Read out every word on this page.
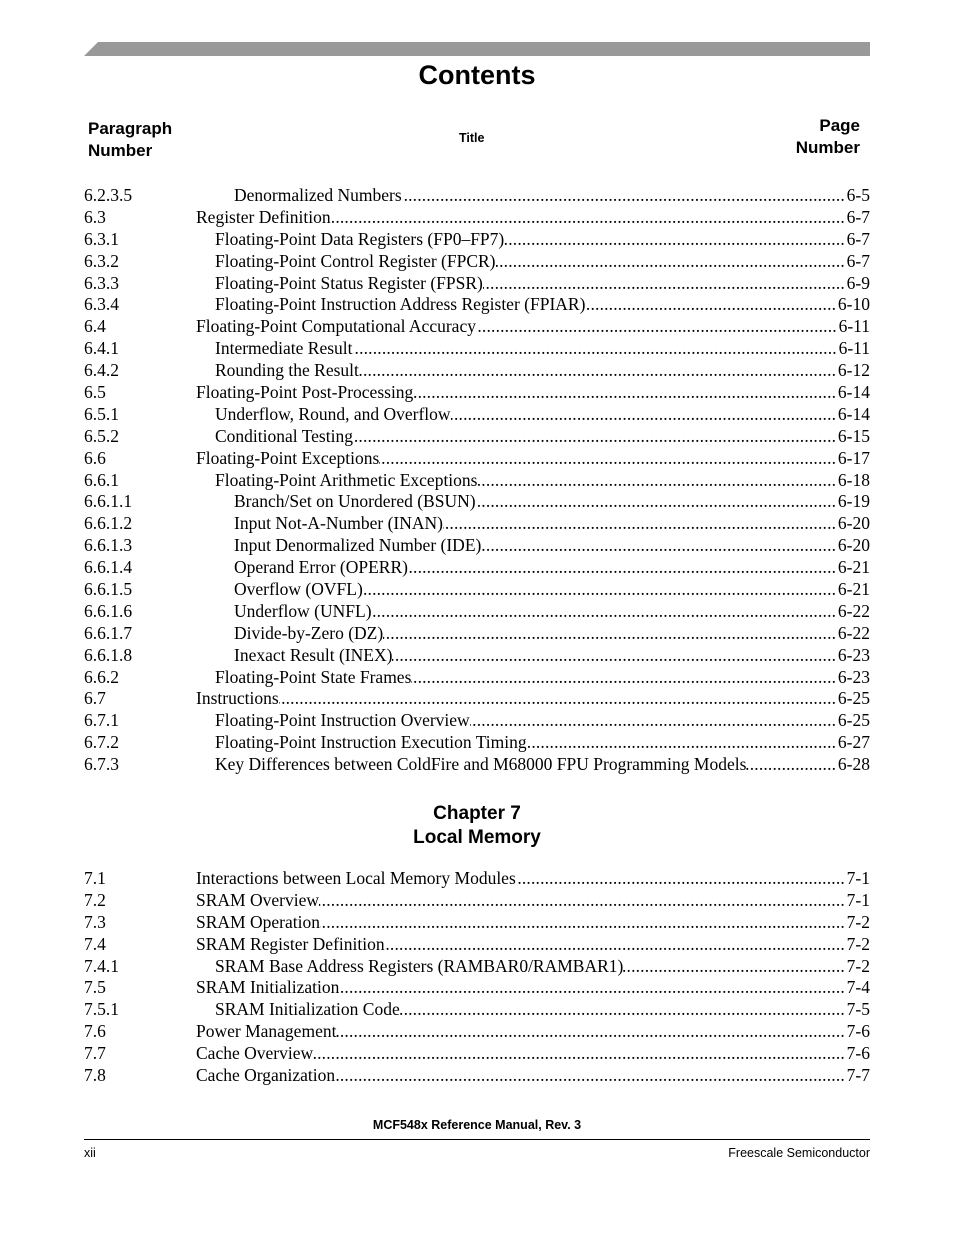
Contents
Paragraph
Number
Title
Page
Number
6.2.3.5	Denormalized Numbers . . .	6-5
6.3	Register Definition . . .	6-7
6.3.1	Floating-Point Data Registers (FP0–FP7) . . .	6-7
6.3.2	Floating-Point Control Register (FPCR) . . .	6-7
6.3.3	Floating-Point Status Register (FPSR) . . .	6-9
6.3.4	Floating-Point Instruction Address Register (FPIAR) . . .	6-10
6.4	Floating-Point Computational Accuracy . . .	6-11
6.4.1	Intermediate Result . . .	6-11
6.4.2	Rounding the Result . . .	6-12
6.5	Floating-Point Post-Processing . . .	6-14
6.5.1	Underflow, Round, and Overflow . . .	6-14
6.5.2	Conditional Testing . . .	6-15
6.6	Floating-Point Exceptions . . .	6-17
6.6.1	Floating-Point Arithmetic Exceptions . . .	6-18
6.6.1.1	Branch/Set on Unordered (BSUN) . . .	6-19
6.6.1.2	Input Not-A-Number (INAN) . . .	6-20
6.6.1.3	Input Denormalized Number (IDE) . . .	6-20
6.6.1.4	Operand Error (OPERR) . . .	6-21
6.6.1.5	Overflow (OVFL) . . .	6-21
6.6.1.6	Underflow (UNFL) . . .	6-22
6.6.1.7	Divide-by-Zero (DZ) . . .	6-22
6.6.1.8	Inexact Result (INEX) . . .	6-23
6.6.2	Floating-Point State Frames . . .	6-23
6.7	Instructions . . .	6-25
6.7.1	Floating-Point Instruction Overview . . .	6-25
6.7.2	Floating-Point Instruction Execution Timing . . .	6-27
6.7.3	Key Differences between ColdFire and M68000 FPU Programming Models . . .	6-28
Chapter 7
Local Memory
7.1	Interactions between Local Memory Modules . . .	7-1
7.2	SRAM Overview . . .	7-1
7.3	SRAM Operation . . .	7-2
7.4	SRAM Register Definition . . .	7-2
7.4.1	SRAM Base Address Registers (RAMBAR0/RAMBAR1) . . .	7-2
7.5	SRAM Initialization . . .	7-4
7.5.1	SRAM Initialization Code . . .	7-5
7.6	Power Management . . .	7-6
7.7	Cache Overview . . .	7-6
7.8	Cache Organization . . .	7-7
MCF548x Reference Manual, Rev. 3
xii	Freescale Semiconductor
